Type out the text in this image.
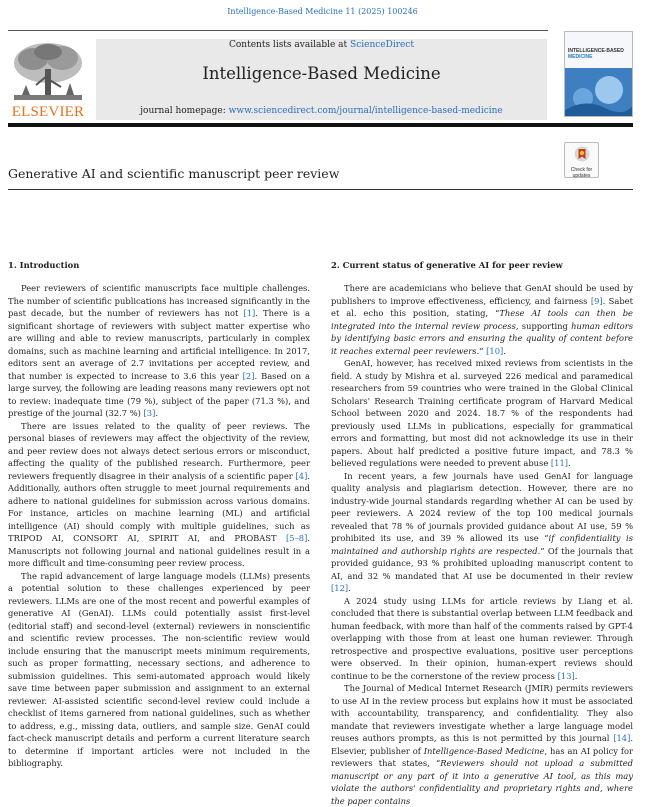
Intelligence-Based Medicine 11 (2025) 100246
ELSEVIER
Contents lists available at ScienceDirect
Intelligence-Based Medicine
journal homepage: www.sciencedirect.com/journal/intelligence-based-medicine
INTELLIGENCE-BASED
MEDICINE
Check for
updates
Generative AI and scientific manuscript peer review
1. Introduction

Peer reviewers of scientific manuscripts face multiple challenges. The number of scientific publications has increased significantly in the past decade, but the number of reviewers has not [1]. There is a significant shortage of reviewers with subject matter expertise who are willing and able to review manuscripts, particularly in complex domains, such as machine learning and artificial intelligence. In 2017, editors sent an average of 2.7 invitations per accepted review, and that number is expected to increase to 3.6 this year [2]. Based on a large survey, the following are leading reasons many reviewers opt not to review: inadequate time (79 %), subject of the paper (71.3 %), and prestige of the journal (32.7 %) [3].

There are issues related to the quality of peer reviews. The personal biases of reviewers may affect the objectivity of the review, and peer review does not always detect serious errors or misconduct, affecting the quality of the published research. Furthermore, peer reviewers frequently disagree in their analysis of a scientific paper [4]. Additionally, authors often struggle to meet journal requirements and adhere to national guidelines for submission across various domains. For instance, articles on machine learning (ML) and artificial intelligence (AI) should comply with multiple guidelines, such as TRIPOD AI, CONSORT AI, SPIRIT AI, and PROBAST [5–8]. Manuscripts not following journal and national guidelines result in a more difficult and time-consuming peer review process.

The rapid advancement of large language models (LLMs) presents a potential solution to these challenges experienced by peer reviewers. LLMs are one of the most recent and powerful examples of generative AI (GenAI). LLMs could potentially assist first-level (editorial staff) and second-level (external) reviewers in nonscientific and scientific review processes. The non-scientific review would include ensuring that the manuscript meets minimum requirements, such as proper formatting, necessary sections, and adherence to submission guidelines. This semi-automated approach would likely save time between paper submission and assignment to an external reviewer. AI-assisted scientific second-level review could include a checklist of items garnered from national guidelines, such as whether to address, e.g., missing data, outliers, and sample size. GenAI could fact-check manuscript details and perform a current literature search to determine if important articles were not included in the bibliography.

2. Current status of generative AI for peer review

There are academicians who believe that GenAI should be used by publishers to improve effectiveness, efficiency, and fairness [9]. Sabet et al. echo this position, stating, “These AI tools can then be integrated into the internal review process, supporting human editors by identifying basic errors and ensuring the quality of content before it reaches external peer reviewers.” [10].

GenAI, however, has received mixed reviews from scientists in the field. A study by Mishra et al. surveyed 226 medical and paramedical researchers from 59 countries who were trained in the Global Clinical Scholars' Research Training certificate program of Harvard Medical School between 2020 and 2024. 18.7 % of the respondents had previously used LLMs in publications, especially for grammatical errors and formatting, but most did not acknowledge its use in their papers. About half predicted a positive future impact, and 78.3 % believed regulations were needed to prevent abuse [11].

In recent years, a few journals have used GenAI for language quality analysis and plagiarism detection. However, there are no industry-wide journal standards regarding whether AI can be used by peer reviewers. A 2024 review of the top 100 medical journals revealed that 78 % of journals provided guidance about AI use, 59 % prohibited its use, and 39 % allowed its use “if confidentiality is maintained and authorship rights are respected.” Of the journals that provided guidance, 93 % prohibited uploading manuscript content to AI, and 32 % mandated that AI use be documented in their review [12].

A 2024 study using LLMs for article reviews by Liang et al. concluded that there is substantial overlap between LLM feedback and human feedback, with more than half of the comments raised by GPT-4 overlapping with those from at least one human reviewer. Through retrospective and prospective evaluations, positive user perceptions were observed. In their opinion, human-expert reviews should continue to be the cornerstone of the review process [13].

The Journal of Medical Internet Research (JMIR) permits reviewers to use AI in the review process but explains how it must be associated with accountability, transparency, and confidentiality. They also mandate that reviewers investigate whether a large language model reuses authors prompts, as this is not permitted by this journal [14]. Elsevier, publisher of Intelligence-Based Medicine, has an AI policy for reviewers that states, “Reviewers should not upload a submitted manuscript or any part of it into a generative AI tool, as this may violate the authors' confidentiality and proprietary rights and, where the paper contains
